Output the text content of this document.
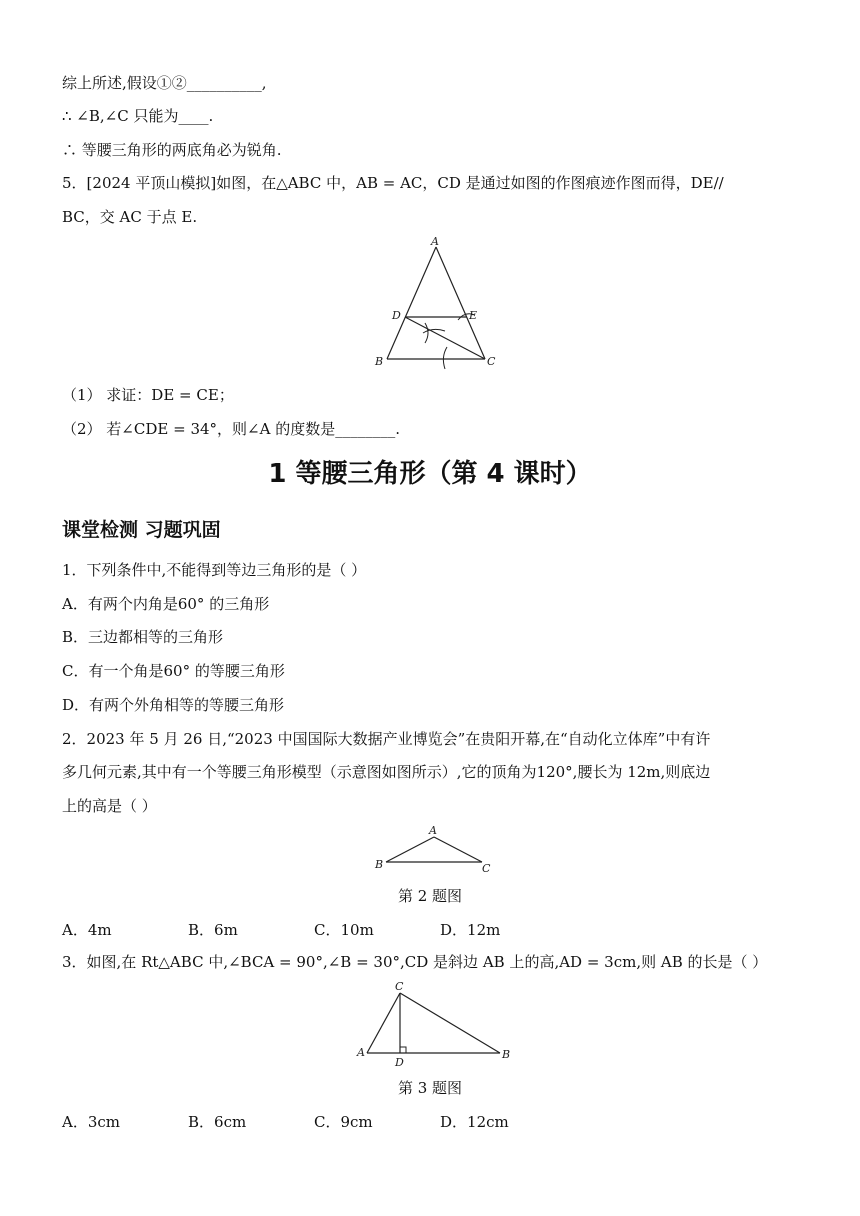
综上所述,假设①②__________,
∴ ∠B,∠C 只能为____.
∴ 等腰三角形的两底角必为锐角.
5．[2024 平顶山模拟]如图，在△ABC 中，AB = AC，CD 是通过如图的作图痕迹作图而得，DE//
BC，交 AC 于点 E.
A
B	C
D	E
（1） 求证：DE = CE；
（2） 若∠CDE = 34°，则∠A 的度数是________.
1 等腰三角形（第 4 课时）
课堂检测 习题巩固
1．下列条件中,不能得到等边三角形的是（ ）
A．有两个内角是60° 的三角形
B．三边都相等的三角形
C．有一个角是60° 的等腰三角形
D．有两个外角相等的等腰三角形
2．2023 年 5 月 26 日,“2023 中国国际大数据产业博览会”在贵阳开幕,在“自动化立体库”中有许
多几何元素,其中有一个等腰三角形模型（示意图如图所示）,它的顶角为120°,腰长为 12m,则底边
上的高是（ ）
A
B	C
第 2 题图
A．4m	B．6m	C．10m	D．12m
3．如图,在 Rt△ABC 中,∠BCA = 90°,∠B = 30°,CD 是斜边 AB 上的高,AD = 3cm,则 AB 的长是（ ）
C
A	B
D
第 3 题图
A．3cm	B．6cm	C．9cm	D．12cm
